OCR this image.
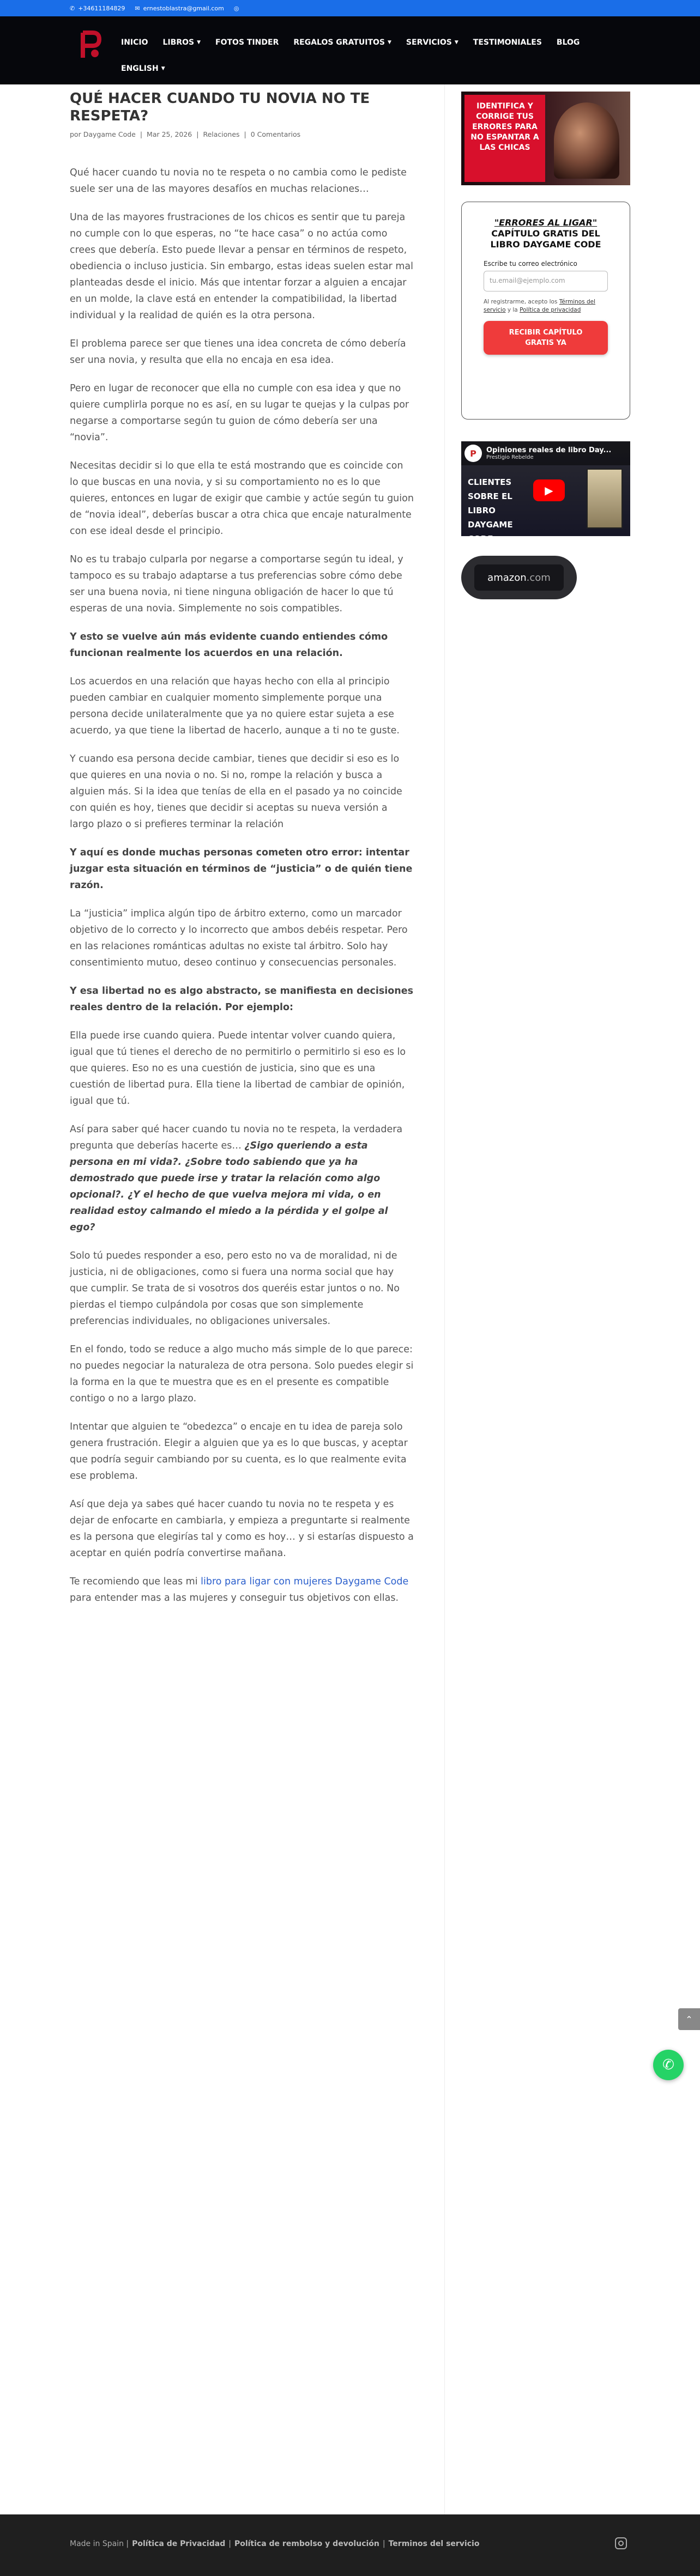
✆ +34611184829 ✉ ernestoblastra@gmail.com ◎
INICIO LIBROS ▼ FOTOS TINDER REGALOS GRATUITOS ▼ SERVICIOS ▼ TESTIMONIALES BLOG
ENGLISH ▼
QUÉ HACER CUANDO TU NOVIA NO TE RESPETA?
por Daygame Code | Mar 25, 2026 | Relaciones | 0 Comentarios

Qué hacer cuando tu novia no te respeta o no cambia como le pediste suele ser una de las mayores desafíos en muchas relaciones…

Una de las mayores frustraciones de los chicos es sentir que tu pareja no cumple con lo que esperas, no “te hace casa” o no actúa como crees que debería. Esto puede llevar a pensar en términos de respeto, obediencia o incluso justicia. Sin embargo, estas ideas suelen estar mal planteadas desde el inicio. Más que intentar forzar a alguien a encajar en un molde, la clave está en entender la compatibilidad, la libertad individual y la realidad de quién es la otra persona.

El problema parece ser que tienes una idea concreta de cómo debería ser una novia, y resulta que ella no encaja en esa idea.

Pero en lugar de reconocer que ella no cumple con esa idea y que no quiere cumplirla porque no es así, en su lugar te quejas y la culpas por negarse a comportarse según tu guion de cómo debería ser una “novia”.

Necesitas decidir si lo que ella te está mostrando que es coincide con lo que buscas en una novia, y si su comportamiento no es lo que quieres, entonces en lugar de exigir que cambie y actúe según tu guion de “novia ideal”, deberías buscar a otra chica que encaje naturalmente con ese ideal desde el principio.

No es tu trabajo culparla por negarse a comportarse según tu ideal, y tampoco es su trabajo adaptarse a tus preferencias sobre cómo debe ser una buena novia, ni tiene ninguna obligación de hacer lo que tú esperas de una novia. Simplemente no sois compatibles.

Y esto se vuelve aún más evidente cuando entiendes cómo funcionan realmente los acuerdos en una relación.

Los acuerdos en una relación que hayas hecho con ella al principio pueden cambiar en cualquier momento simplemente porque una persona decide unilateralmente que ya no quiere estar sujeta a ese acuerdo, ya que tiene la libertad de hacerlo, aunque a ti no te guste.

Y cuando esa persona decide cambiar, tienes que decidir si eso es lo que quieres en una novia o no. Si no, rompe la relación y busca a alguien más. Si la idea que tenías de ella en el pasado ya no coincide con quién es hoy, tienes que decidir si aceptas su nueva versión a largo plazo o si prefieres terminar la relación

Y aquí es donde muchas personas cometen otro error: intentar juzgar esta situación en términos de “justicia” o de quién tiene razón.

La “justicia” implica algún tipo de árbitro externo, como un marcador objetivo de lo correcto y lo incorrecto que ambos debéis respetar. Pero en las relaciones románticas adultas no existe tal árbitro. Solo hay consentimiento mutuo, deseo continuo y consecuencias personales.

Y esa libertad no es algo abstracto, se manifiesta en decisiones reales dentro de la relación. Por ejemplo:

Ella puede irse cuando quiera. Puede intentar volver cuando quiera, igual que tú tienes el derecho de no permitirlo o permitirlo si eso es lo que quieres. Eso no es una cuestión de justicia, sino que es una cuestión de libertad pura. Ella tiene la libertad de cambiar de opinión, igual que tú.

Así para saber qué hacer cuando tu novia no te respeta, la verdadera pregunta que deberías hacerte es… ¿Sigo queriendo a esta persona en mi vida?. ¿Sobre todo sabiendo que ya ha demostrado que puede irse y tratar la relación como algo opcional?. ¿Y el hecho de que vuelva mejora mi vida, o en realidad estoy calmando el miedo a la pérdida y el golpe al ego?

Solo tú puedes responder a eso, pero esto no va de moralidad, ni de justicia, ni de obligaciones, como si fuera una norma social que hay que cumplir. Se trata de si vosotros dos queréis estar juntos o no. No pierdas el tiempo culpándola por cosas que son simplemente preferencias individuales, no obligaciones universales.

En el fondo, todo se reduce a algo mucho más simple de lo que parece: no puedes negociar la naturaleza de otra persona. Solo puedes elegir si la forma en la que te muestra que es en el presente es compatible contigo o no a largo plazo.

Intentar que alguien te “obedezca” o encaje en tu idea de pareja solo genera frustración. Elegir a alguien que ya es lo que buscas, y aceptar que podría seguir cambiando por su cuenta, es lo que realmente evita ese problema.

Así que deja ya sabes qué hacer cuando tu novia no te respeta y es dejar de enfocarte en cambiarla, y empieza a preguntarte si realmente es la persona que elegirías tal y como es hoy… y si estarías dispuesto a aceptar en quién podría convertirse mañana.

Te recomiendo que leas mi libro para ligar con mujeres Daygame Code para entender mas a las mujeres y conseguir tus objetivos con ellas.

IDENTIFICA Y CORRIGE TUS ERRORES PARA NO ESPANTAR A LAS CHICAS
"ERRORES AL LIGAR"
CAPÍTULO GRATIS DEL LIBRO DAYGAME CODE
Escribe tu correo electrónico
tu.email@ejemplo.com
Al registrarme, acepto los Términos del servicio y la Política de privacidad
RECIBIR CAPÍTULO GRATIS YA
P	Opiniones reales de libro Day...
Prestigio Rebelde
CLIENTES SOBRE EL LIBRO DAYGAME CODE
▶
amazon .com
⌃
✆
Made in Spain | Política de Privacidad | Política de rembolso y devolución | Terminos del servicio
